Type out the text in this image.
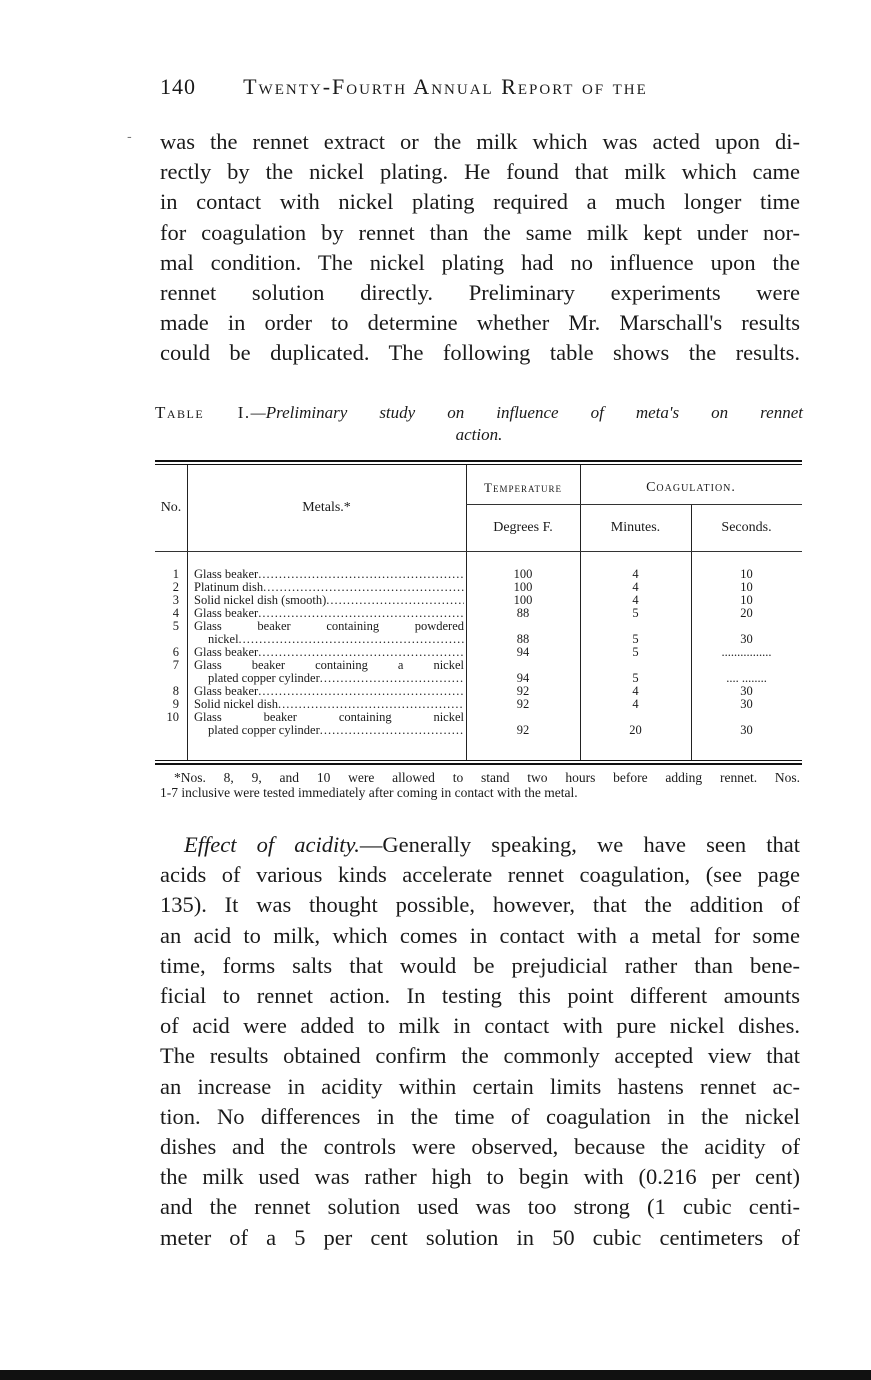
140 Twenty-Fourth Annual Report of the
- was the rennet extract or the milk which was acted upon di-
rectly by the nickel plating. He found that milk which came
in contact with nickel plating required a much longer time
for coagulation by rennet than the same milk kept under nor-
mal condition. The nickel plating had no influence upon the
rennet solution directly. Preliminary experiments were
made in order to determine whether Mr. Marschall's results
could be duplicated. The following table shows the results.
Table I.—Preliminary study on influence of meta's on rennet
action.
No.	Metals.*
Temperature
Degrees F.
Coagulation.
Minutes.	Seconds.
1 Glass beaker .....	100	4	10
2 Platinum dish .....	100	4	10
3 Solid nickel dish (smooth) .....	100	4	10
4 Glass beaker .....	88	5	20
5 Glass beaker containing powdered
nickel .....	88	5	30
6 Glass beaker .....	94	5	................
7 Glass beaker containing a nickel
plated copper cylinder .....	94	5	.... ........
8 Glass beaker .....	92	4	30
9 Solid nickel dish .....	92	4	30
10 Glass beaker containing nickel
plated copper cylinder .....	92	20	30
*Nos. 8, 9, and 10 were allowed to stand two hours before adding rennet. Nos.
1-7 inclusive were tested immediately after coming in contact with the metal.
Effect of acidity.—Generally speaking, we have seen that
acids of various kinds accelerate rennet coagulation, (see page
135). It was thought possible, however, that the addition of
an acid to milk, which comes in contact with a metal for some
time, forms salts that would be prejudicial rather than bene-
ficial to rennet action. In testing this point different amounts
of acid were added to milk in contact with pure nickel dishes.
The results obtained confirm the commonly accepted view that
an increase in acidity within certain limits hastens rennet ac-
tion. No differences in the time of coagulation in the nickel
dishes and the controls were observed, because the acidity of
the milk used was rather high to begin with (0.216 per cent)
and the rennet solution used was too strong (1 cubic centi-
meter of a 5 per cent solution in 50 cubic centimeters of
